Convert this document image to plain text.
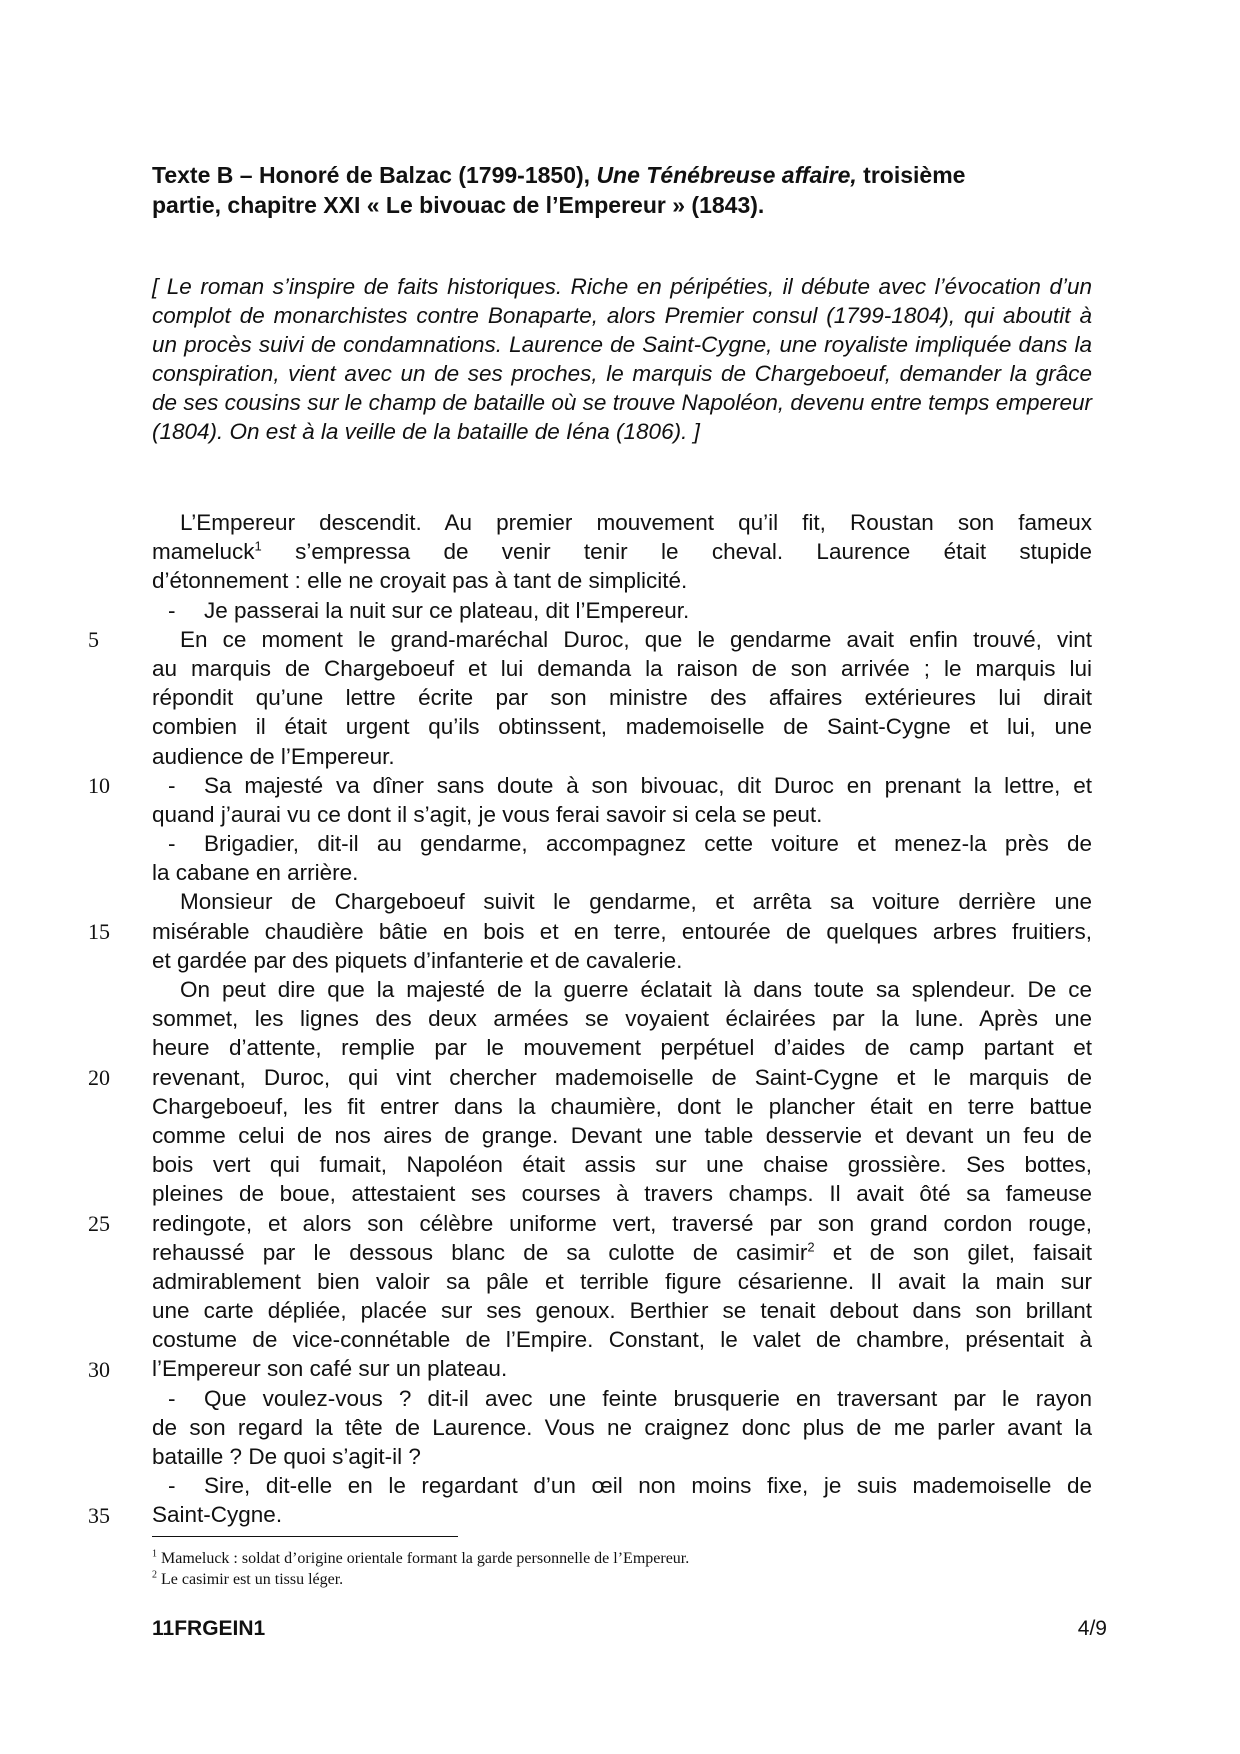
Texte B – Honoré de Balzac (1799-1850), Une Ténébreuse affaire, troisième
partie, chapitre XXI « Le bivouac de l’Empereur » (1843).
[ Le roman s’inspire de faits historiques. Riche en péripéties, il débute avec l’évocation d’un complot de monarchistes contre Bonaparte, alors Premier consul (1799-1804), qui aboutit à un procès suivi de condamnations. Laurence de Saint-Cygne, une royaliste impliquée dans la conspiration, vient avec un de ses proches, le marquis de Chargeboeuf, demander la grâce de ses cousins sur le champ de bataille où se trouve Napoléon, devenu entre temps empereur (1804). On est à la veille de la bataille de Iéna (1806). ]
L’Empereur descendit. Au premier mouvement qu’il fit, Roustan son fameux
mameluck$^1$ s’empressa de venir tenir le cheval. Laurence était stupide
d’étonnement : elle ne croyait pas à tant de simplicité.
- Je passerai la nuit sur ce plateau, dit l’Empereur.
En ce moment le grand-maréchal Duroc, que le gendarme avait enfin trouvé, vint
au marquis de Chargeboeuf et lui demanda la raison de son arrivée ; le marquis lui
répondit qu’une lettre écrite par son ministre des affaires extérieures lui dirait
combien il était urgent qu’ils obtinssent, mademoiselle de Saint-Cygne et lui, une
audience de l’Empereur.
- Sa majesté va dîner sans doute à son bivouac, dit Duroc en prenant la lettre, et
quand j’aurai vu ce dont il s’agit, je vous ferai savoir si cela se peut.
- Brigadier, dit-il au gendarme, accompagnez cette voiture et menez-la près de
la cabane en arrière.
Monsieur de Chargeboeuf suivit le gendarme, et arrêta sa voiture derrière une
misérable chaudière bâtie en bois et en terre, entourée de quelques arbres fruitiers,
et gardée par des piquets d’infanterie et de cavalerie.
On peut dire que la majesté de la guerre éclatait là dans toute sa splendeur. De ce
sommet, les lignes des deux armées se voyaient éclairées par la lune. Après une
heure d’attente, remplie par le mouvement perpétuel d’aides de camp partant et
revenant, Duroc, qui vint chercher mademoiselle de Saint-Cygne et le marquis de
Chargeboeuf, les fit entrer dans la chaumière, dont le plancher était en terre battue
comme celui de nos aires de grange. Devant une table desservie et devant un feu de
bois vert qui fumait, Napoléon était assis sur une chaise grossière. Ses bottes,
pleines de boue, attestaient ses courses à travers champs. Il avait ôté sa fameuse
redingote, et alors son célèbre uniforme vert, traversé par son grand cordon rouge,
rehaussé par le dessous blanc de sa culotte de casimir$^2$ et de son gilet, faisait
admirablement bien valoir sa pâle et terrible figure césarienne. Il avait la main sur
une carte dépliée, placée sur ses genoux. Berthier se tenait debout dans son brillant
costume de vice-connétable de l’Empire. Constant, le valet de chambre, présentait à
l’Empereur son café sur un plateau.
- Que voulez-vous ? dit-il avec une feinte brusquerie en traversant par le rayon
de son regard la tête de Laurence. Vous ne craignez donc plus de me parler avant la
bataille ? De quoi s’agit-il ?
- Sire, dit-elle en le regardant d’un œil non moins fixe, je suis mademoiselle de
Saint-Cygne.
5
10
15
20
25
30
35
$^1$ Mameluck : soldat d’origine orientale formant la garde personnelle de l’Empereur.
$^2$ Le casimir est un tissu léger.
11FRGEIN1	4/9
